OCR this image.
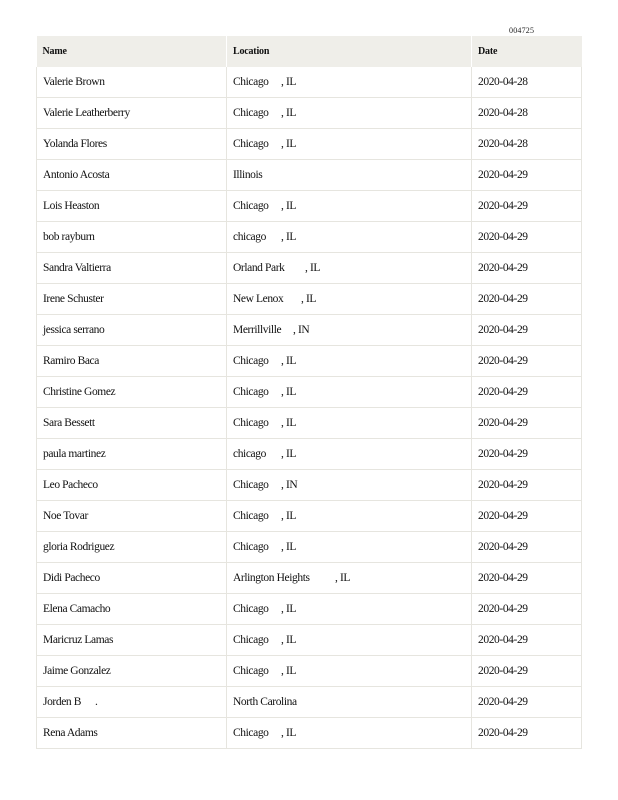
004725
Name	Location	Date
Valerie Brown	Chicago , IL	2020-04-28
Valerie Leatherberry	Chicago , IL	2020-04-28
Yolanda Flores	Chicago , IL	2020-04-28
Antonio Acosta	Illinois	2020-04-29
Lois Heaston	Chicago , IL	2020-04-29
bob rayburn	chicago , IL	2020-04-29
Sandra Valtierra	Orland Park , IL	2020-04-29
Irene Schuster	New Lenox , IL	2020-04-29
jessica serrano	Merrillville , IN	2020-04-29
Ramiro Baca	Chicago , IL	2020-04-29
Christine Gomez	Chicago , IL	2020-04-29
Sara Bessett	Chicago , IL	2020-04-29
paula martinez	chicago , IL	2020-04-29
Leo Pacheco	Chicago , IN	2020-04-29
Noe Tovar	Chicago , IL	2020-04-29
gloria Rodriguez	Chicago , IL	2020-04-29
Didi Pacheco	Arlington Heights , IL	2020-04-29
Elena Camacho	Chicago , IL	2020-04-29
Maricruz Lamas	Chicago , IL	2020-04-29
Jaime Gonzalez	Chicago , IL	2020-04-29
Jorden B .	North Carolina	2020-04-29
Rena Adams	Chicago , IL	2020-04-29
